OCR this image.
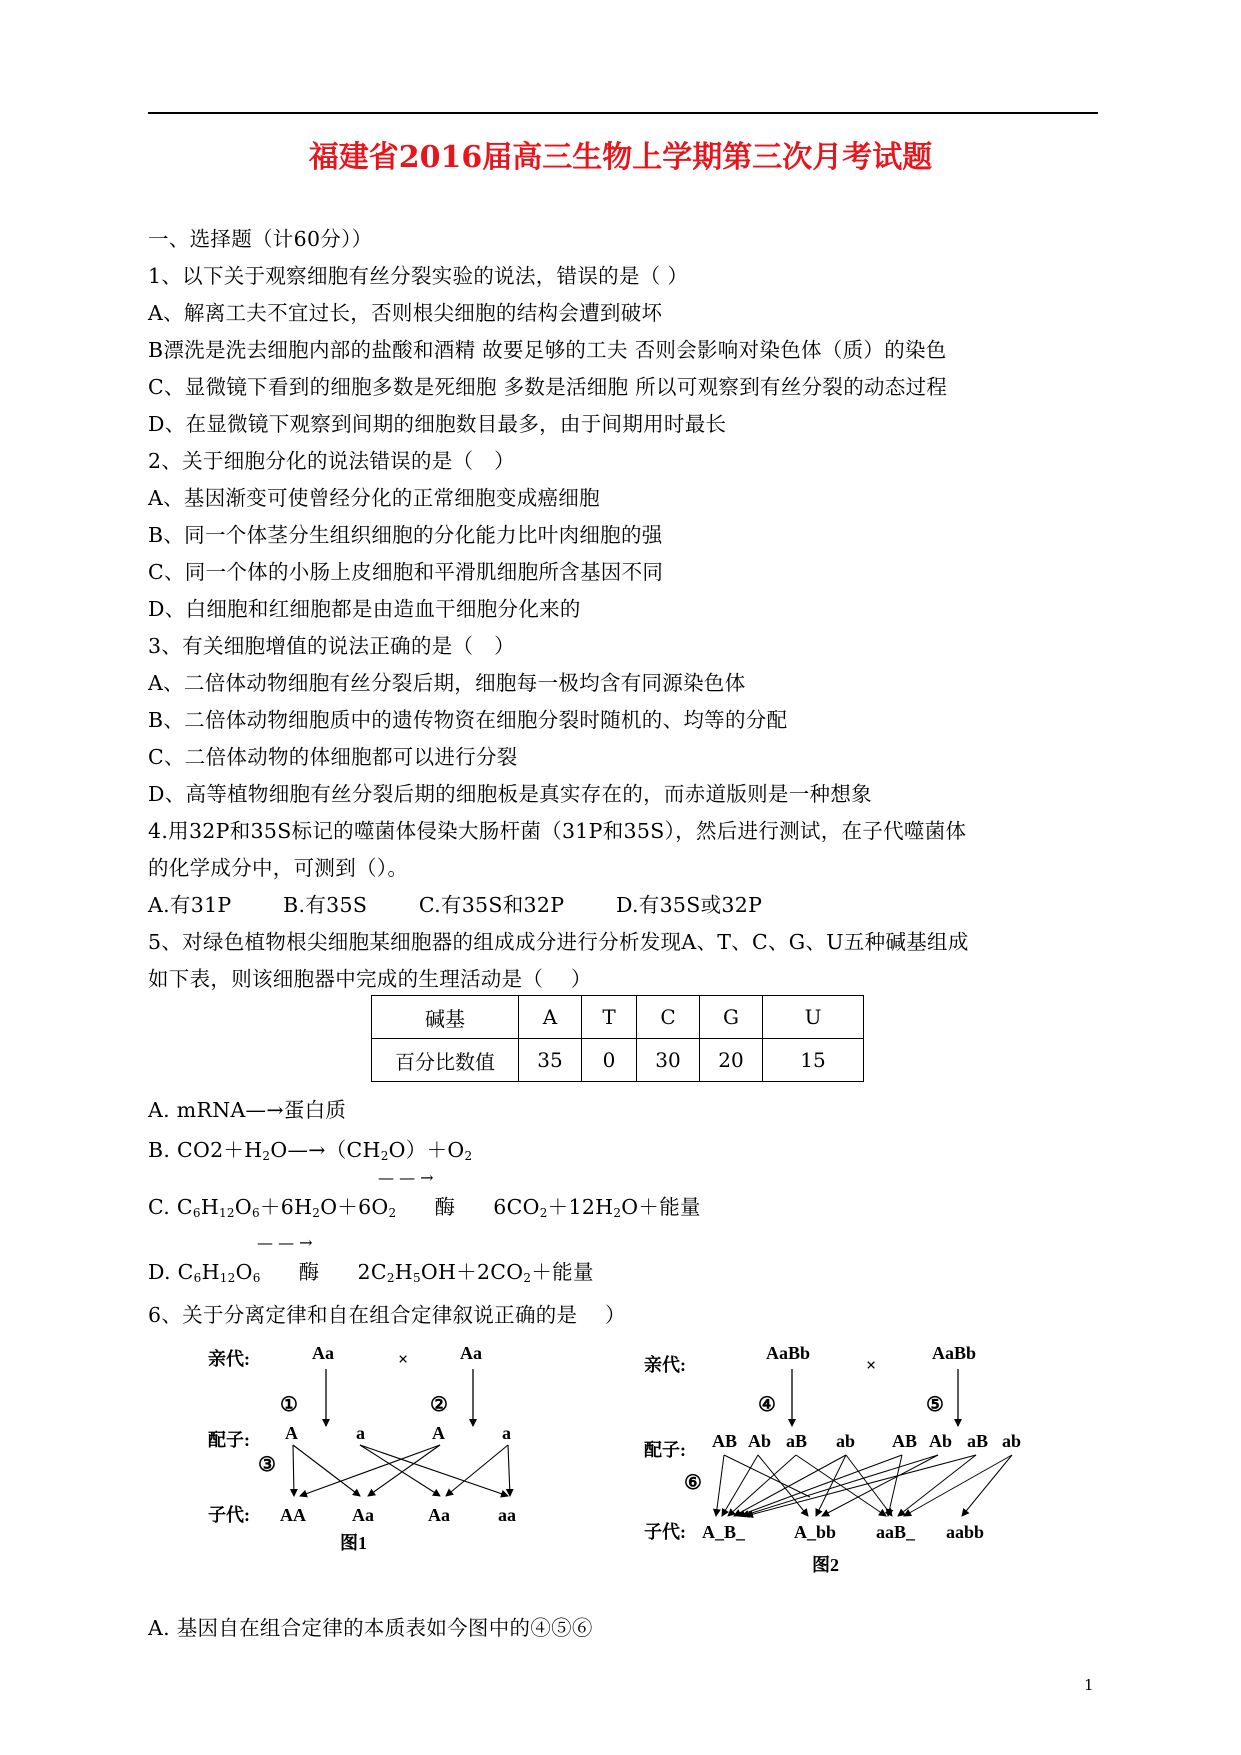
福建省2016届高三生物上学期第三次月考试题
一、选择题（计60分））
1、以下关于观察细胞有丝分裂实验的说法，错误的是（ ）
A、解离工夫不宜过长，否则根尖细胞的结构会遭到破坏
B漂洗是洗去细胞内部的盐酸和酒精 故要足够的工夫 否则会影响对染色体（质）的染色
C、显微镜下看到的细胞多数是死细胞 多数是活细胞 所以可观察到有丝分裂的动态过程
D、在显微镜下观察到间期的细胞数目最多，由于间期用时最长
2、关于细胞分化的说法错误的是（　）
A、基因渐变可使曾经分化的正常细胞变成癌细胞
B、同一个体茎分生组织细胞的分化能力比叶肉细胞的强
C、同一个体的小肠上皮细胞和平滑肌细胞所含基因不同
D、白细胞和红细胞都是由造血干细胞分化来的
3、有关细胞增值的说法正确的是（　）
A、二倍体动物细胞有丝分裂后期，细胞每一极均含有同源染色体
B、二倍体动物细胞质中的遗传物资在细胞分裂时随机的、均等的分配
C、二倍体动物的体细胞都可以进行分裂
D、高等植物细胞有丝分裂后期的细胞板是真实存在的，而赤道版则是一种想象
4.用32P和35S标记的噬菌体侵染大肠杆菌（31P和35S），然后进行测试，在子代噬菌体
的化学成分中，可测到（）。
A.有31P	B.有35S	C.有35S和32P	D.有35S或32P
5、对绿色植物根尖细胞某细胞器的组成成分进行分析发现A、T、C、G、U五种碱基组成
如下表，则该细胞器中完成的生理活动是（　 ）
碱基	A	T	C	G	U
百分比数值	35	0	30	20	15
A. mRNA—→蛋白质
B. $CO2+H_2O—\to(CH_2O)+O_2$
— — →
C. $C_6H_{12}O_6+6H_2O+6O_2$ 酶 $6CO_2+12H_2O+$能量
— — →
D. $C_6H_{12}O_6$ 酶 $2C_2H_5OH+2CO_2+$能量
6、关于分离定律和自在组合定律叙说正确的是　 ）
亲代:	Aa	×	Aa
①	②
配子: A	a	A	a
③
子代: AA	Aa	Aa	aa
图1
亲代:
AaBb
×
AaBb
④	⑤
配子: AB Ab aB ab AB Ab aB ab
⑥
子代: A_B_	A_bb aaB_ aabb
图2
A. 基因自在组合定律的本质表如今图中的④⑤⑥
1
